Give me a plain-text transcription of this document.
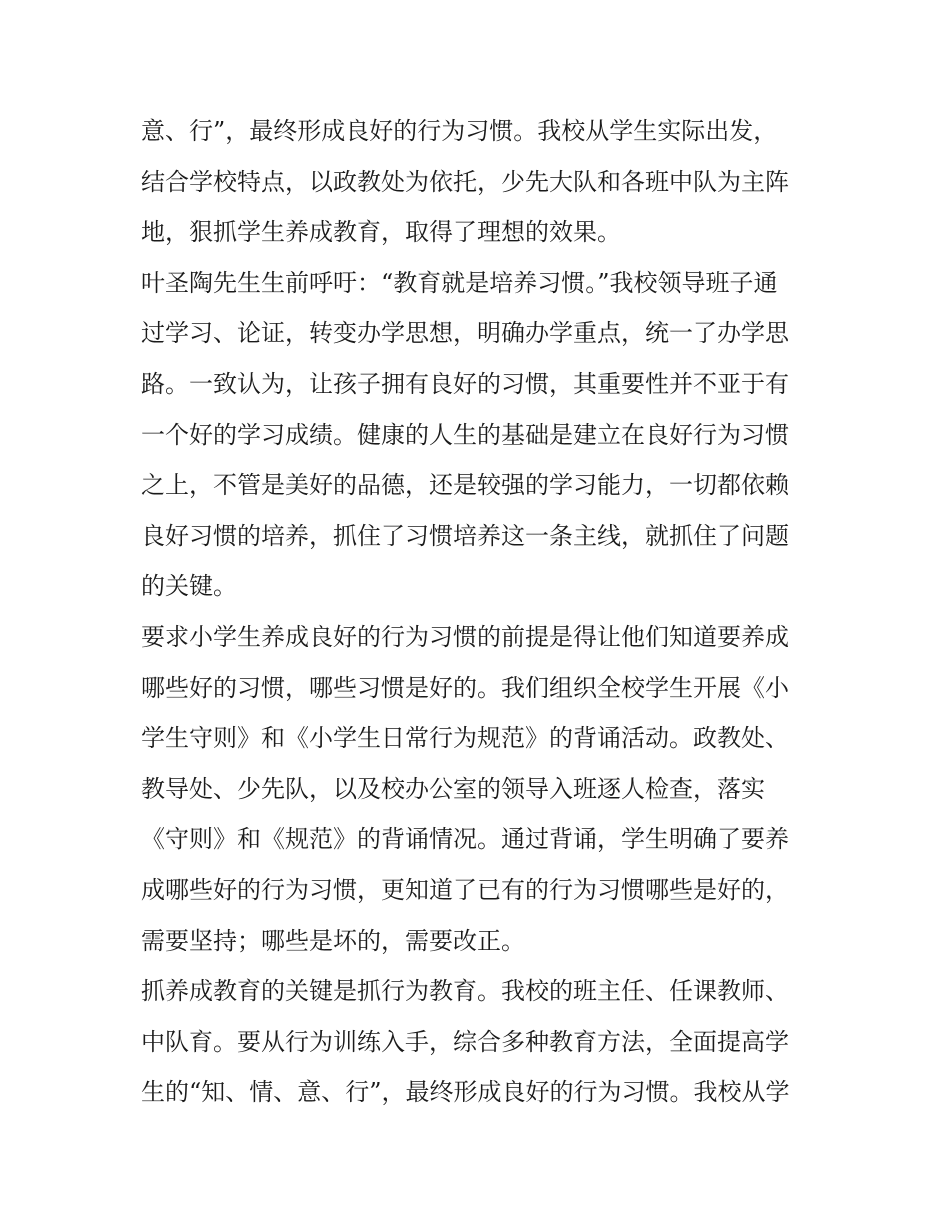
意、行”，最终形成良好的行为习惯。我校从学生实际出发，
结合学校特点，以政教处为依托，少先大队和各班中队为主阵
地，狠抓学生养成教育，取得了理想的效果。
叶圣陶先生生前呼吁：“教育就是培养习惯。”我校领导班子通
过学习、论证，转变办学思想，明确办学重点，统一了办学思
路。一致认为，让孩子拥有良好的习惯，其重要性并不亚于有
一个好的学习成绩。健康的人生的基础是建立在良好行为习惯
之上，不管是美好的品德，还是较强的学习能力，一切都依赖
良好习惯的培养，抓住了习惯培养这一条主线，就抓住了问题
的关键。
要求小学生养成良好的行为习惯的前提是得让他们知道要养成
哪些好的习惯，哪些习惯是好的。我们组织全校学生开展《小
学生守则》和《小学生日常行为规范》的背诵活动。政教处、
教导处、少先队，以及校办公室的领导入班逐人检查，落实
《守则》和《规范》的背诵情况。通过背诵，学生明确了要养
成哪些好的行为习惯，更知道了已有的行为习惯哪些是好的，
需要坚持；哪些是坏的，需要改正。
抓养成教育的关键是抓行为教育。我校的班主任、任课教师、
中队育。要从行为训练入手，综合多种教育方法，全面提高学
生的“知、情、意、行”，最终形成良好的行为习惯。我校从学
